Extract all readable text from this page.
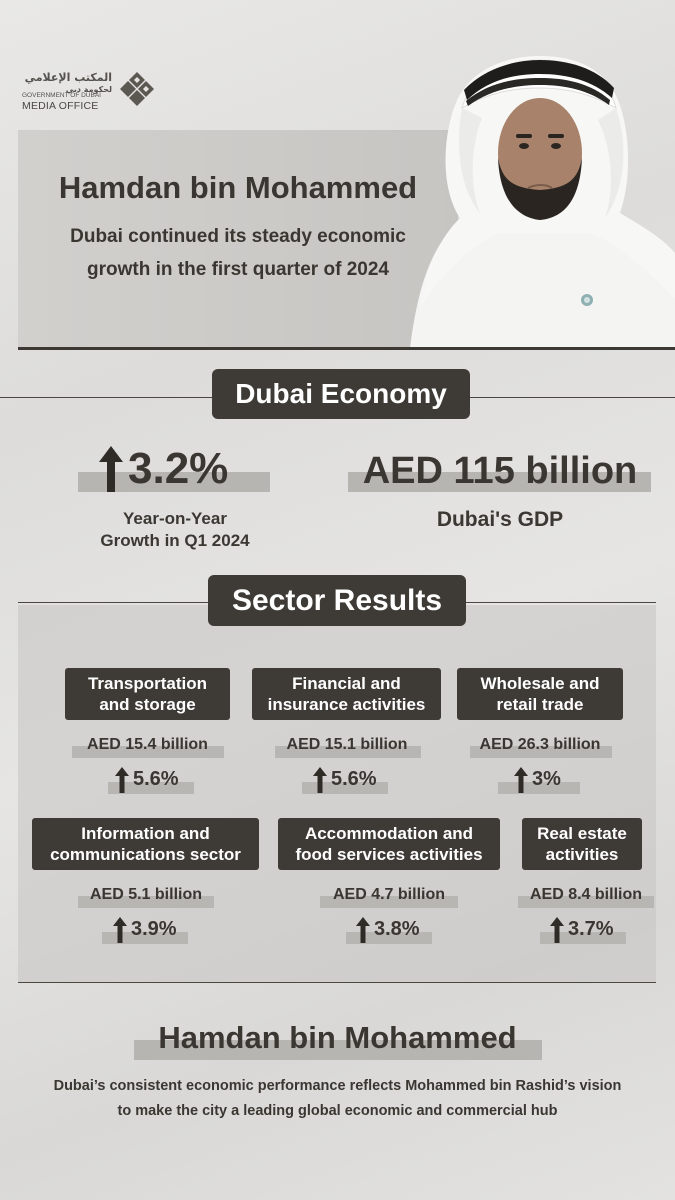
المكتب الإعلامي
لحكومة دبي
GOVERNMENT OF DUBAI
MEDIA OFFICE
Hamdan bin Mohammed
Dubai continued its steady economic
growth in the first quarter of 2024
Dubai Economy
3.2%
Year-on-Year
Growth in Q1 2024
AED 115 billion
Dubai's GDP
Sector Results
Transportation
and storage
AED 15.4 billion
5.6%
Financial and
insurance activities
AED 15.1 billion
5.6%
Wholesale and
retail trade
AED 26.3 billion
3%
Information and
communications sector
AED 5.1 billion
3.9%
Accommodation and
food services activities
AED 4.7 billion
3.8%
Real estate
activities
AED 8.4 billion
3.7%
Hamdan bin Mohammed
Dubai’s consistent economic performance reflects Mohammed bin Rashid’s vision
to make the city a leading global economic and commercial hub
